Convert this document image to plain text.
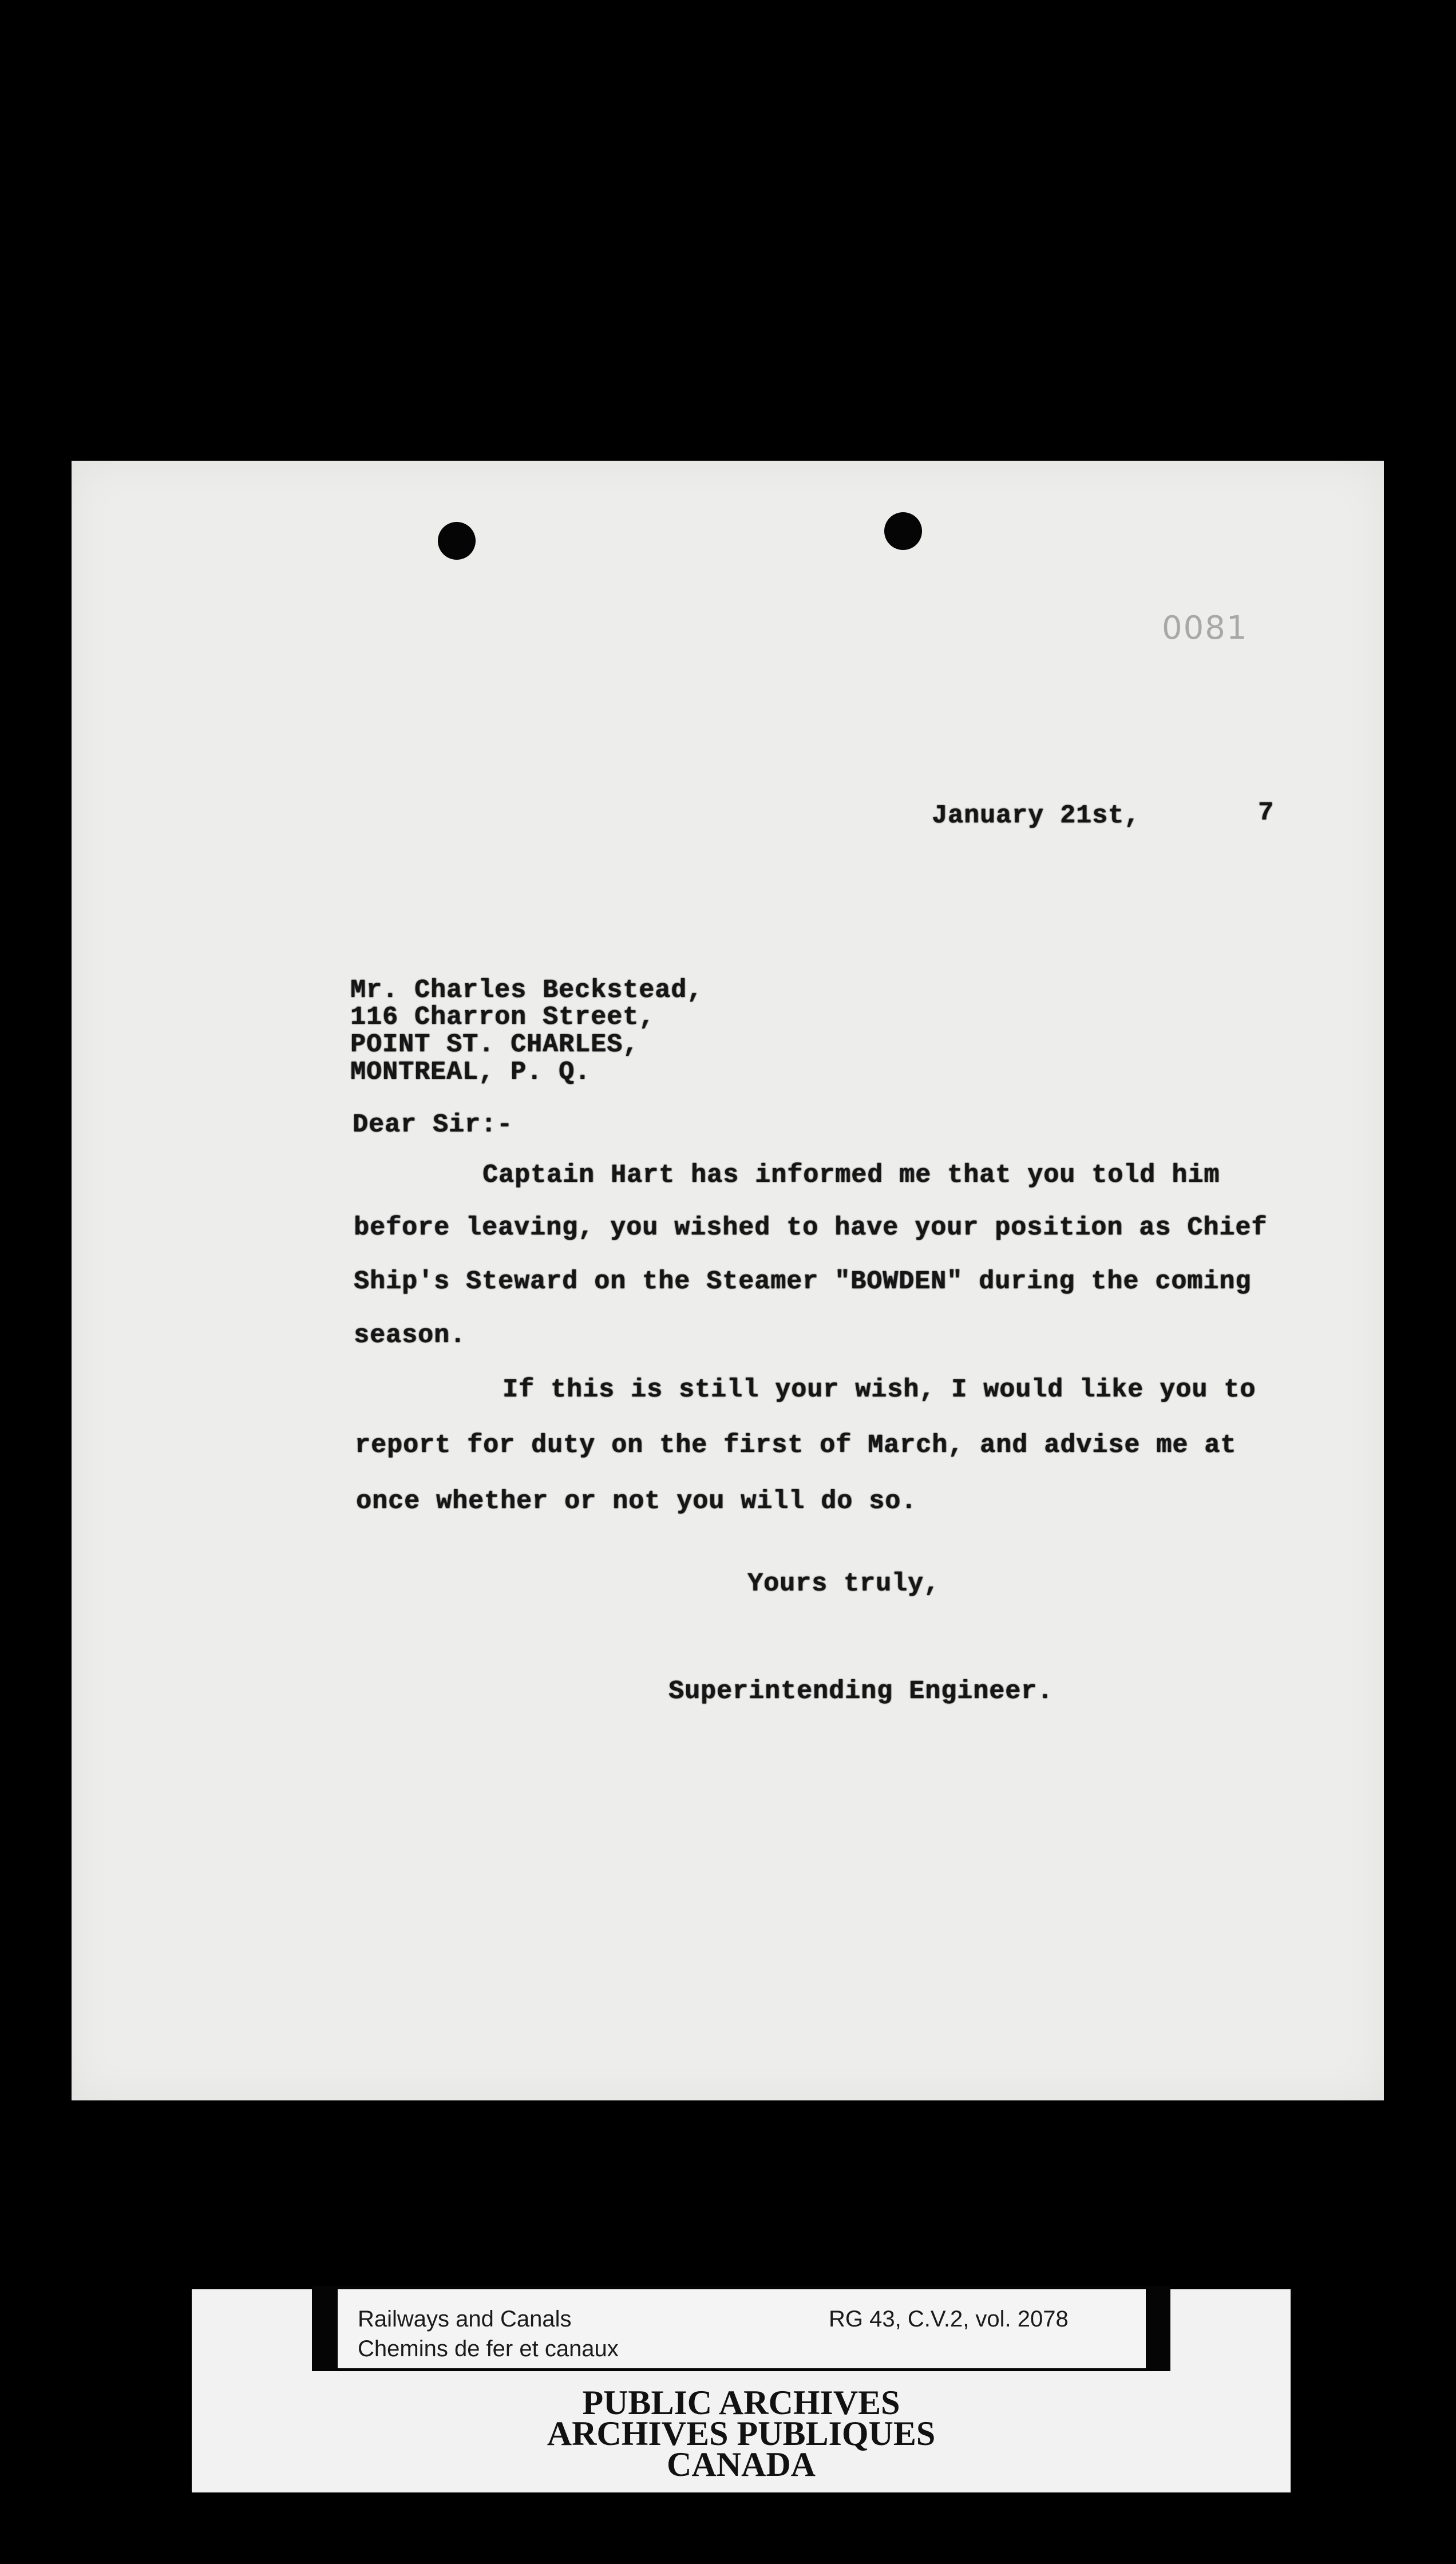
0081
January 21st,	7
Mr. Charles Beckstead,
116 Charron Street,
POINT ST. CHARLES,
MONTREAL, P. Q.
Dear Sir:-
Captain Hart has informed me that you told him
before leaving, you wished to have your position as Chief
Ship's Steward on the Steamer "BOWDEN" during the coming
season.
If this is still your wish, I would like you to
report for duty on the first of March, and advise me at
once whether or not you will do so.
Yours truly,
Superintending Engineer.
Railways and Canals
Chemins de fer et canaux
RG 43, C.V.2, vol. 2078
PUBLIC ARCHIVES
ARCHIVES PUBLIQUES
CANADA
